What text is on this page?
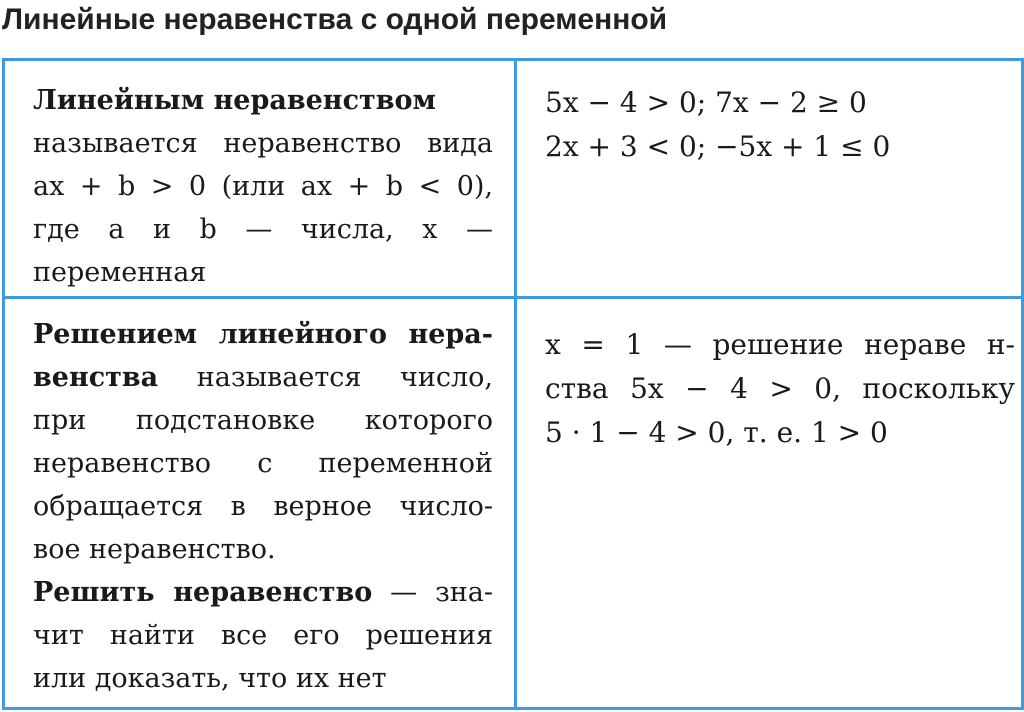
Линейные неравенства с одной переменной
Линейным неравенством
называется неравенство вида
ax + b > 0 (или ax + b < 0),
где a и b — числа, x —
переменная
5x − 4 > 0; 7x − 2 ≥ 0
2x + 3 < 0; −5x + 1 ≤ 0
Решением линейного нера-
венства называется число,
при подстановке которого
неравенство с переменной
обращается в верное число-
вое неравенство.
Решить неравенство — зна-
чит найти все его решения
или доказать, что их нет
x = 1 — решение нераве н-
ства 5x − 4 > 0, поскольку
5 · 1 − 4 > 0, т. е. 1 > 0
